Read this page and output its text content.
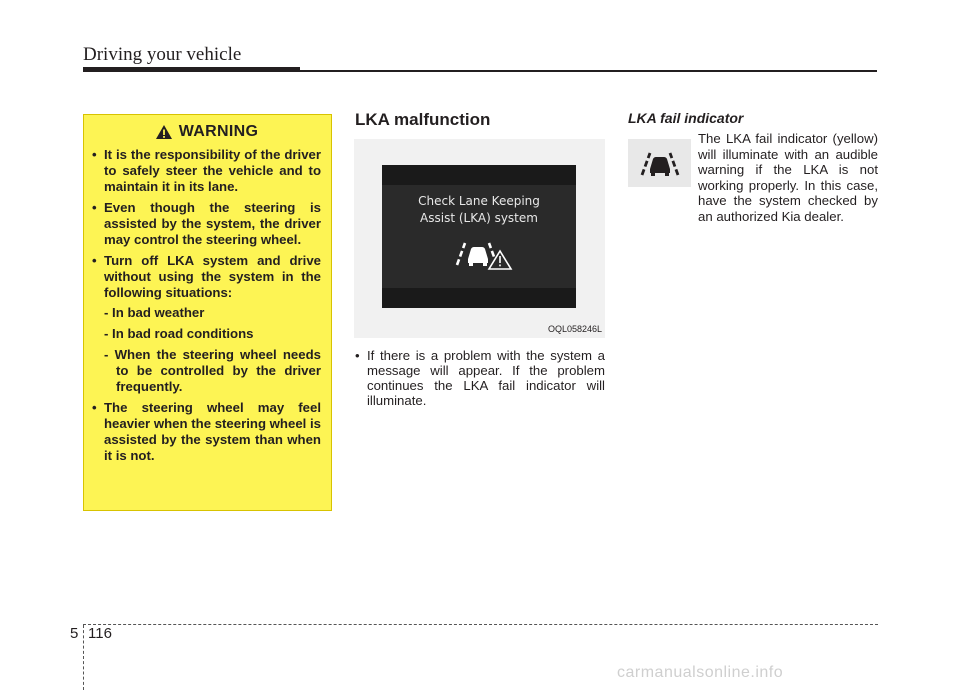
Driving your vehicle
WARNING
• It is the responsibility of the driver to safely steer the vehicle and to maintain it in its lane.
• Even though the steering is assisted by the system, the driver may control the steering wheel.
• Turn off LKA system and drive without using the system in the following situations:
- In bad weather
- In bad road conditions
- When the steering wheel needs to be controlled by the driver frequently.
• The steering wheel may feel heavier when the steering wheel is assisted by the system than when it is not.
LKA malfunction
Check Lane Keeping
Assist (LKA) system
OQL058246L
• If there is a problem with the system a message will appear. If the problem continues the LKA fail indicator will illuminate.
LKA fail indicator
The LKA fail indicator (yellow) will illuminate with an audible warning if the LKA is not working properly. In this case, have the system checked by an authorized Kia dealer.
5 116
carmanualsonline.info
